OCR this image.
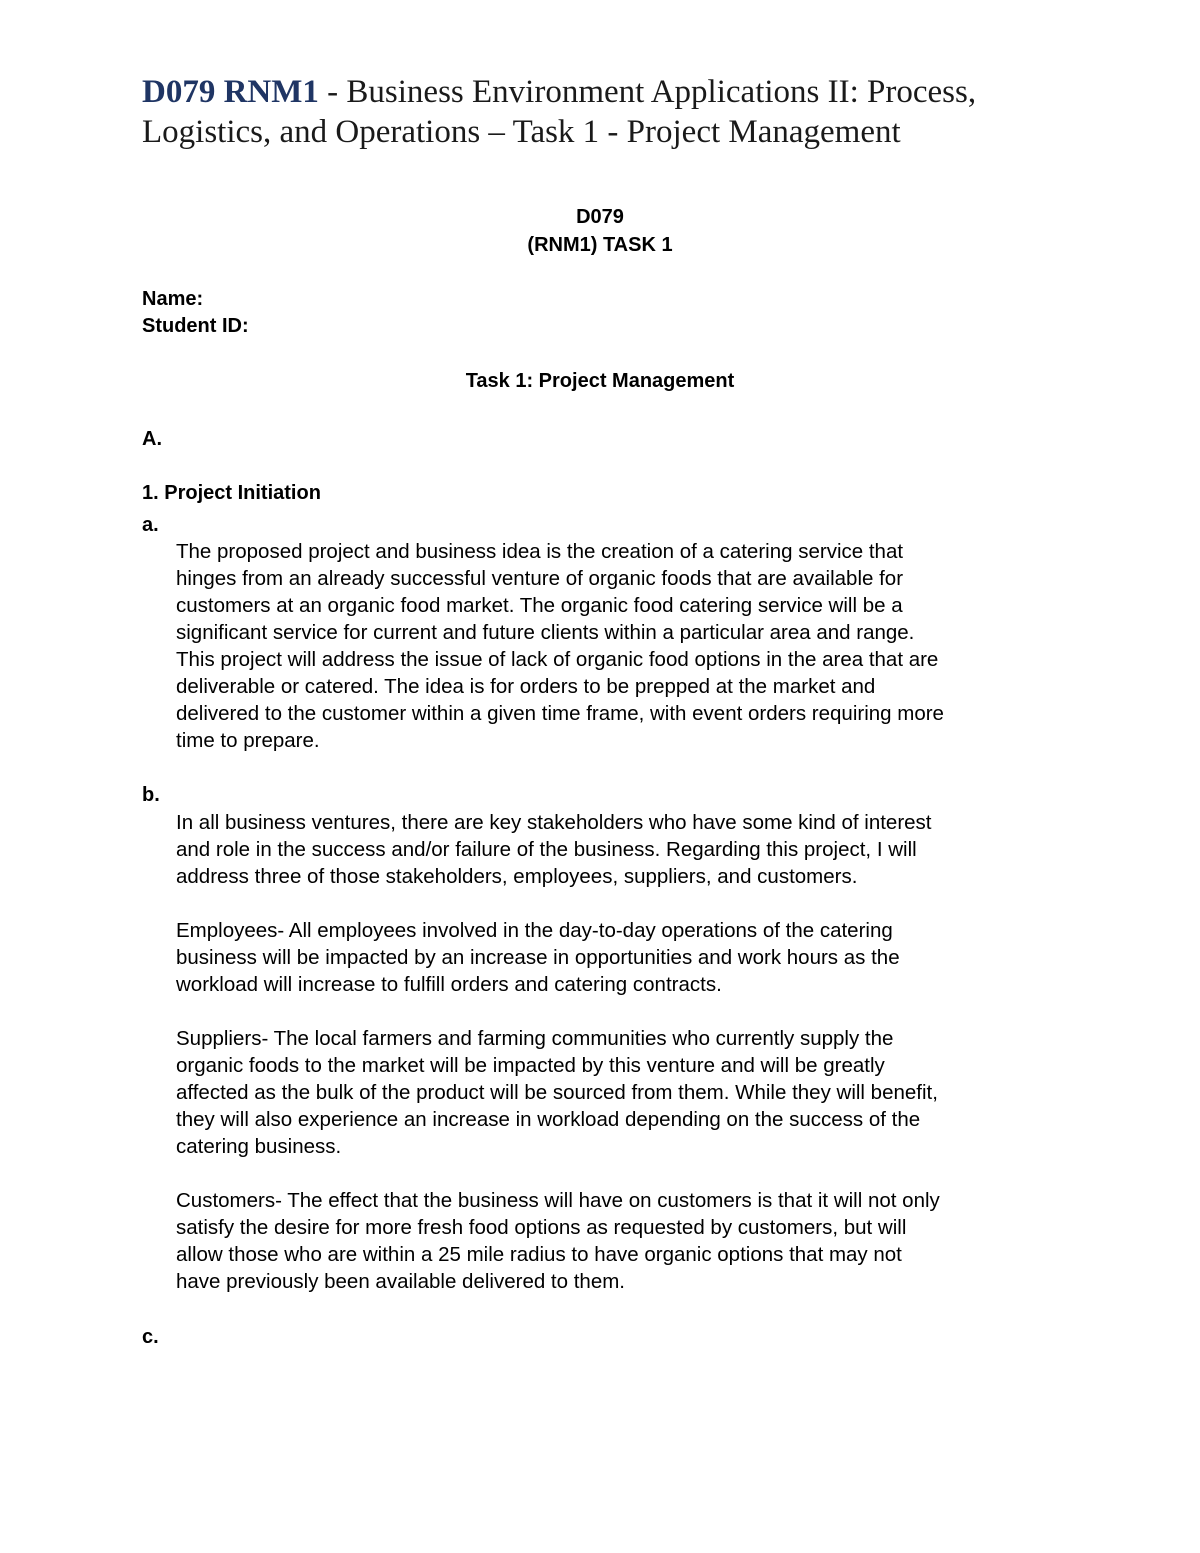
D079 RNM1 - Business Environment Applications II: Process, Logistics, and Operations – Task 1 - Project Management
D079
(RNM1) TASK 1
Name:
Student ID:
Task 1: Project Management
A.
1. Project Initiation
a.
The proposed project and business idea is the creation of a catering service that
hinges from an already successful venture of organic foods that are available for
customers at an organic food market. The organic food catering service will be a
significant service for current and future clients within a particular area and range.
This project will address the issue of lack of organic food options in the area that are
deliverable or catered. The idea is for orders to be prepped at the market and
delivered to the customer within a given time frame, with event orders requiring more
time to prepare.
b.
In all business ventures, there are key stakeholders who have some kind of interest
and role in the success and/or failure of the business. Regarding this project, I will
address three of those stakeholders, employees, suppliers, and customers.
Employees- All employees involved in the day-to-day operations of the catering
business will be impacted by an increase in opportunities and work hours as the
workload will increase to fulfill orders and catering contracts.
Suppliers- The local farmers and farming communities who currently supply the
organic foods to the market will be impacted by this venture and will be greatly
affected as the bulk of the product will be sourced from them. While they will benefit,
they will also experience an increase in workload depending on the success of the
catering business.
Customers- The effect that the business will have on customers is that it will not only
satisfy the desire for more fresh food options as requested by customers, but will
allow those who are within a 25 mile radius to have organic options that may not
have previously been available delivered to them.
c.
